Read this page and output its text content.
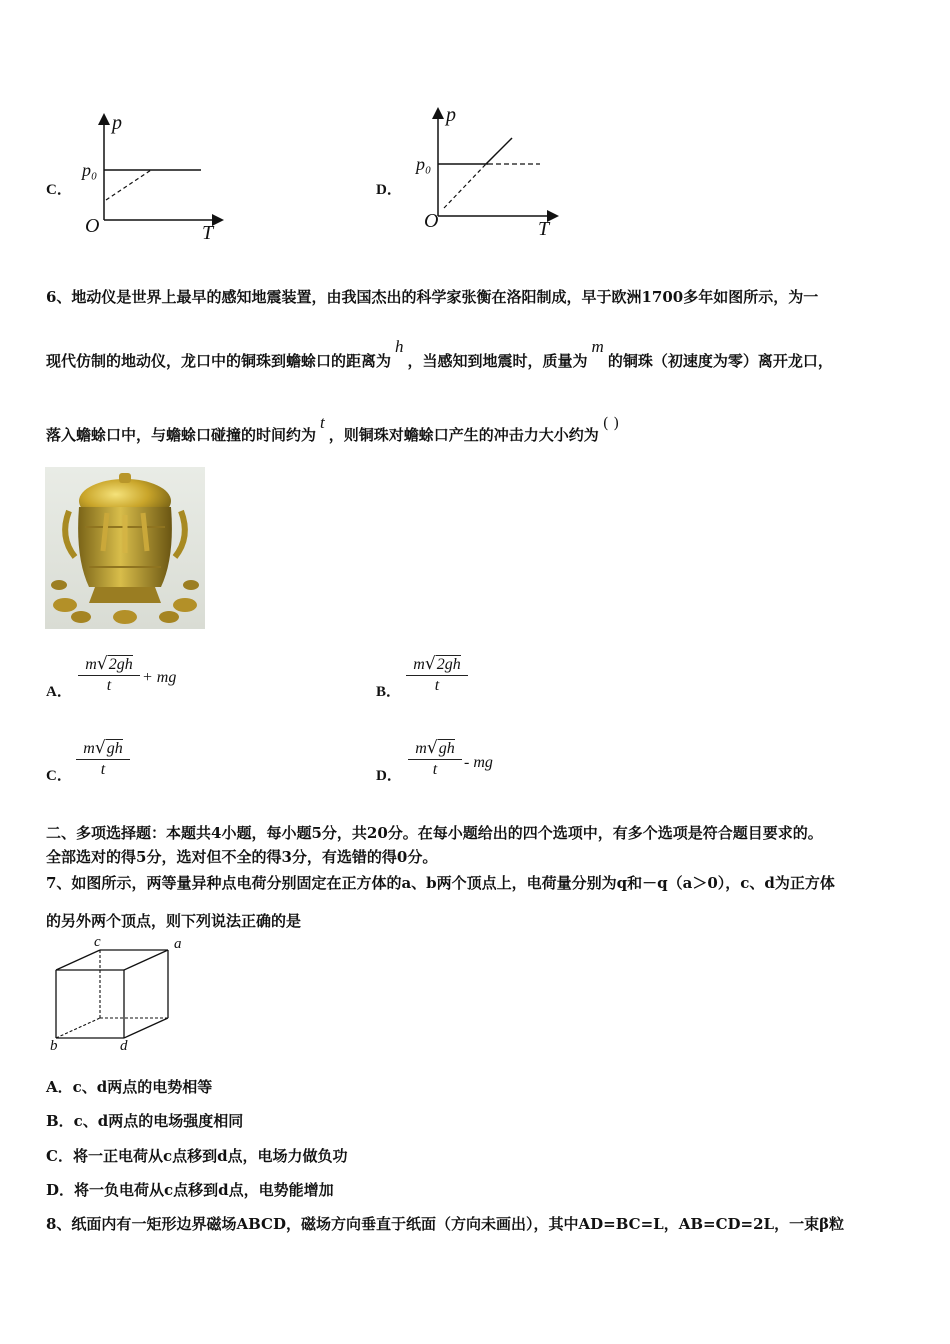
C．
p
T
O
p₀
D．
p
T
O
p₀
6、地动仪是世界上最早的感知地震装置，由我国杰出的科学家张衡在洛阳制成，早于欧洲1700多年如图所示，为一
现代仿制的地动仪，龙口中的铜珠到蟾蜍口的距离为h，当感知到地震时，质量为m的铜珠（初速度为零）离开龙口，
落入蟾蜍口中，与蟾蜍口碰撞的时间约为t，则铜珠对蟾蜍口产生的冲击力大小约为( )
A．
m√2gh
t	+ mg
B．
m√2gh
t
C．
m√gh
t	D．
m√gh
t	- mg
二、多项选择题：本题共4小题，每小题5分，共20分。在每小题给出的四个选项中，有多个选项是符合题目要求的。
全部选对的得5分，选对但不全的得3分，有选错的得0分。
7、如图所示，两等量异种点电荷分别固定在正方体的a、b两个顶点上，电荷量分别为q和－q（a＞0），c、d为正方体
的另外两个顶点，则下列说法正确的是
c	a
b	d
A．c、d两点的电势相等
B．c、d两点的电场强度相同
C．将一正电荷从c点移到d点，电场力做负功
D．将一负电荷从c点移到d点，电势能增加
8、纸面内有一矩形边界磁场ABCD，磁场方向垂直于纸面（方向未画出），其中AD=BC=L，AB=CD=2L，一束β粒
